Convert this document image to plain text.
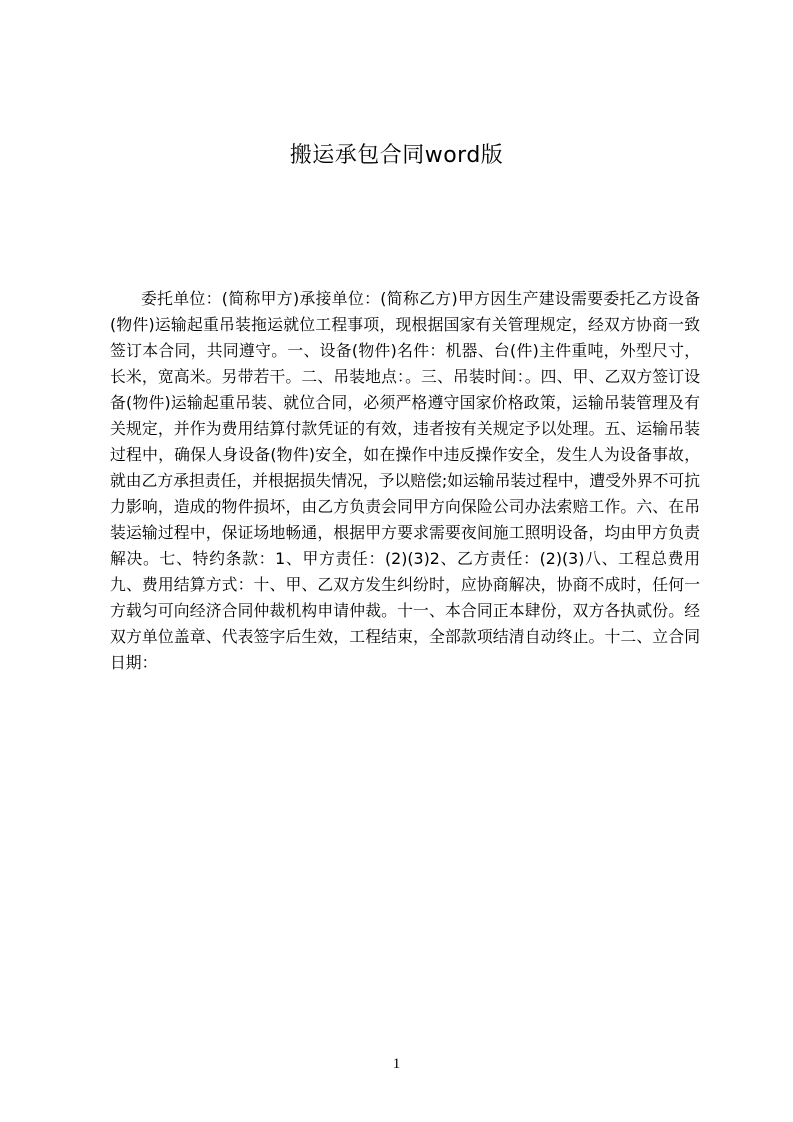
搬运承包合同word版
委托单位：(简称甲方)承接单位：(简称乙方)甲方因生产建设需要委托乙方设备(物件)运输起重吊装拖运就位工程事项，现根据国家有关管理规定，经双方协商一致签订本合同，共同遵守。一、设备(物件)名件：机器、台(件)主件重吨，外型尺寸，长米，宽高米。另带若干。二、吊装地点：。三、吊装时间：。四、甲、乙双方签订设备(物件)运输起重吊装、就位合同，必须严格遵守国家价格政策，运输吊装管理及有关规定，并作为费用结算付款凭证的有效，违者按有关规定予以处理。五、运输吊装过程中，确保人身设备(物件)安全，如在操作中违反操作安全，发生人为设备事故，就由乙方承担责任，并根据损失情况，予以赔偿;如运输吊装过程中，遭受外界不可抗力影响，造成的物件损坏，由乙方负责会同甲方向保险公司办法索赔工作。六、在吊装运输过程中，保证场地畅通，根据甲方要求需要夜间施工照明设备，均由甲方负责解决。七、特约条款：1、甲方责任：(2)(3)2、乙方责任：(2)(3)八、工程总费用九、费用结算方式：十、甲、乙双方发生纠纷时，应协商解决，协商不成时，任何一方载匀可向经济合同仲裁机构申请仲裁。十一、本合同正本肆份，双方各执贰份。经双方单位盖章、代表签字后生效，工程结束，全部款项结清自动终止。十二、立合同日期：
1
